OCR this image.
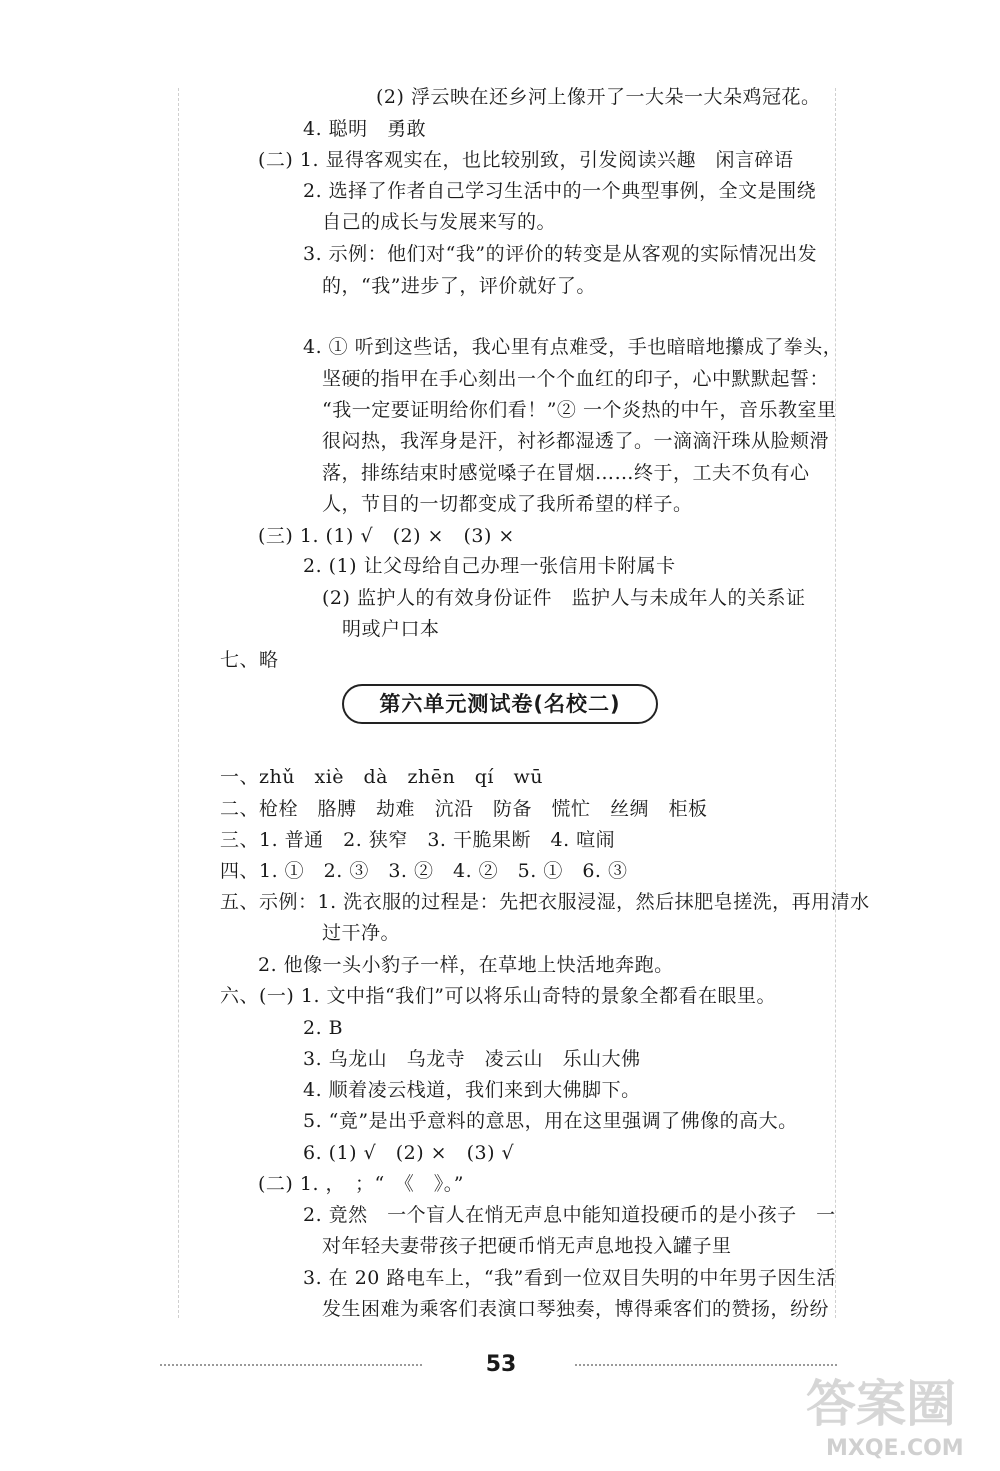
(2) 浮云映在还乡河上像开了一大朵一大朵鸡冠花。
4. 聪明　勇敢
(二) 1. 显得客观实在，也比较别致，引发阅读兴趣　闲言碎语
2. 选择了作者自己学习生活中的一个典型事例，全文是围绕
自己的成长与发展来写的。
3. 示例：他们对“我”的评价的转变是从客观的实际情况出发
的，“我”进步了，评价就好了。
4. ① 听到这些话，我心里有点难受，手也暗暗地攥成了拳头，
坚硬的指甲在手心刻出一个个血红的印子，心中默默起誓：
“我一定要证明给你们看！”② 一个炎热的中午，音乐教室里
很闷热，我浑身是汗，衬衫都湿透了。一滴滴汗珠从脸颊滑
落，排练结束时感觉嗓子在冒烟……终于，工夫不负有心
人，节目的一切都变成了我所希望的样子。
(三) 1. (1) √　(2) ×　(3) ×
2. (1) 让父母给自己办理一张信用卡附属卡
(2) 监护人的有效身份证件　监护人与未成年人的关系证
明或户口本
七、略
第六单元测试卷(名校二)
一、zhǔ　xiè　dà　zhēn　qí　wū
二、枪栓　胳膊　劫难　沆沿　防备　慌忙　丝绸　柜板
三、1. 普通　2. 狭窄　3. 干脆果断　4. 喧闹
四、1. ①　2. ③　3. ②　4. ②　5. ①　6. ③
五、示例：1. 洗衣服的过程是：先把衣服浸湿，然后抹肥皂搓洗，再用清水
过干净。
2. 他像一头小豹子一样，在草地上快活地奔跑。
六、(一) 1. 文中指“我们”可以将乐山奇特的景象全都看在眼里。
2. B
3. 乌龙山　乌龙寺　凌云山　乐山大佛
4. 顺着凌云栈道，我们来到大佛脚下。
5. “竟”是出乎意料的意思，用在这里强调了佛像的高大。
6. (1) √　(2) ×　(3) √
(二) 1. ，　；“　《　》。”
2. 竟然　一个盲人在悄无声息中能知道投硬币的是小孩子　一
对年轻夫妻带孩子把硬币悄无声息地投入罐子里
3. 在 20 路电车上，“我”看到一位双目失明的中年男子因生活
发生困难为乘客们表演口琴独奏，博得乘客们的赞扬，纷纷
53
答案圈
MXQE.COM
